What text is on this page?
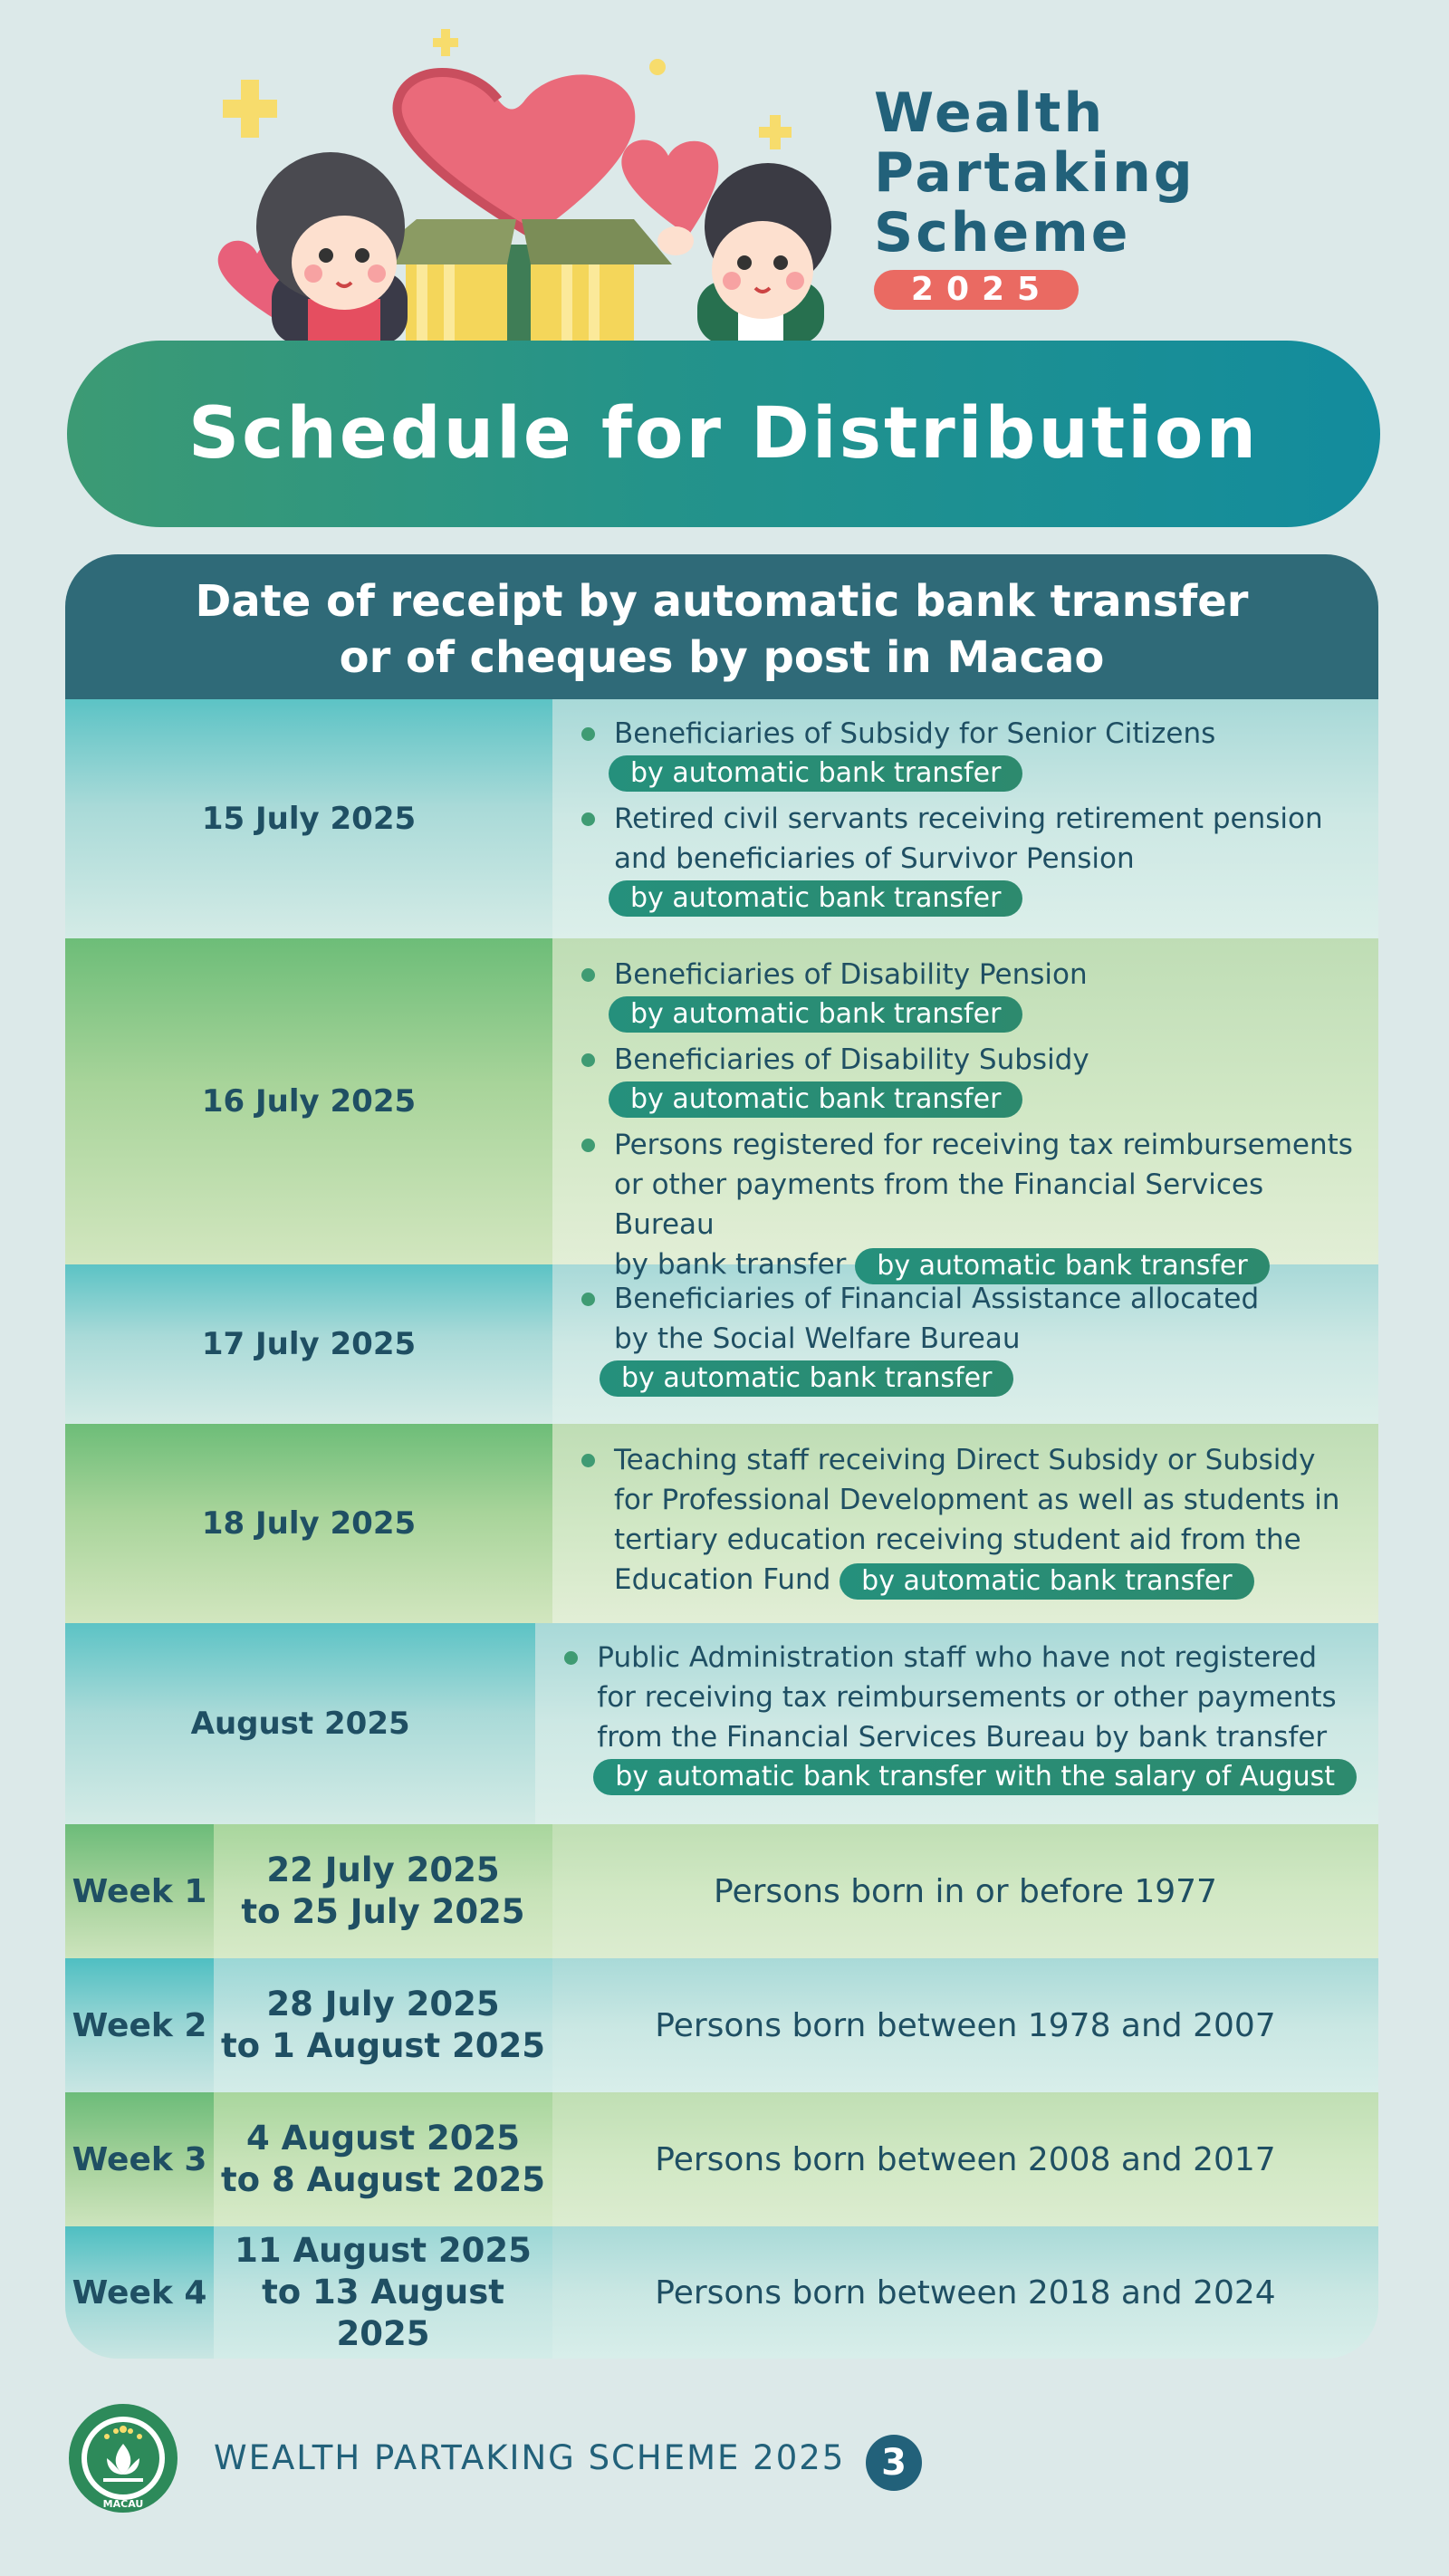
Wealth
Partaking
Scheme
2025
Schedule for Distribution
Date of receipt by automatic bank transfer
or of cheques by post in Macao
15 July 2025
Beneficiaries of Subsidy for Senior Citizens
by automatic bank transfer
Retired civil servants receiving retirement pension
and beneficiaries of Survivor Pension
by automatic bank transfer
16 July 2025
Beneficiaries of Disability Pension
by automatic bank transfer
Beneficiaries of Disability Subsidy
by automatic bank transfer
Persons registered for receiving tax reimbursements
or other payments from the Financial Services Bureau
by bank transfer by automatic bank transfer
17 July 2025
Beneficiaries of Financial Assistance allocated
by the Social Welfare Bureau
by automatic bank transfer
18 July 2025
Teaching staff receiving Direct Subsidy or Subsidy
for Professional Development as well as students in
tertiary education receiving student aid from the
Education Fund by automatic bank transfer
August 2025
Public Administration staff who have not registered
for receiving tax reimbursements or other payments
from the Financial Services Bureau by bank transfer
by automatic bank transfer with the salary of August
Week 1
22 July 2025
to 25 July 2025
Persons born in or before 1977
Week 2
28 July 2025
to 1 August 2025
Persons born between 1978 and 2007
Week 3
4 August 2025
to 8 August 2025
Persons born between 2008 and 2017
Week 4
11 August 2025
to 13 August 2025
Persons born between 2018 and 2024
MACAU
WEALTH PARTAKING SCHEME 2025 3
